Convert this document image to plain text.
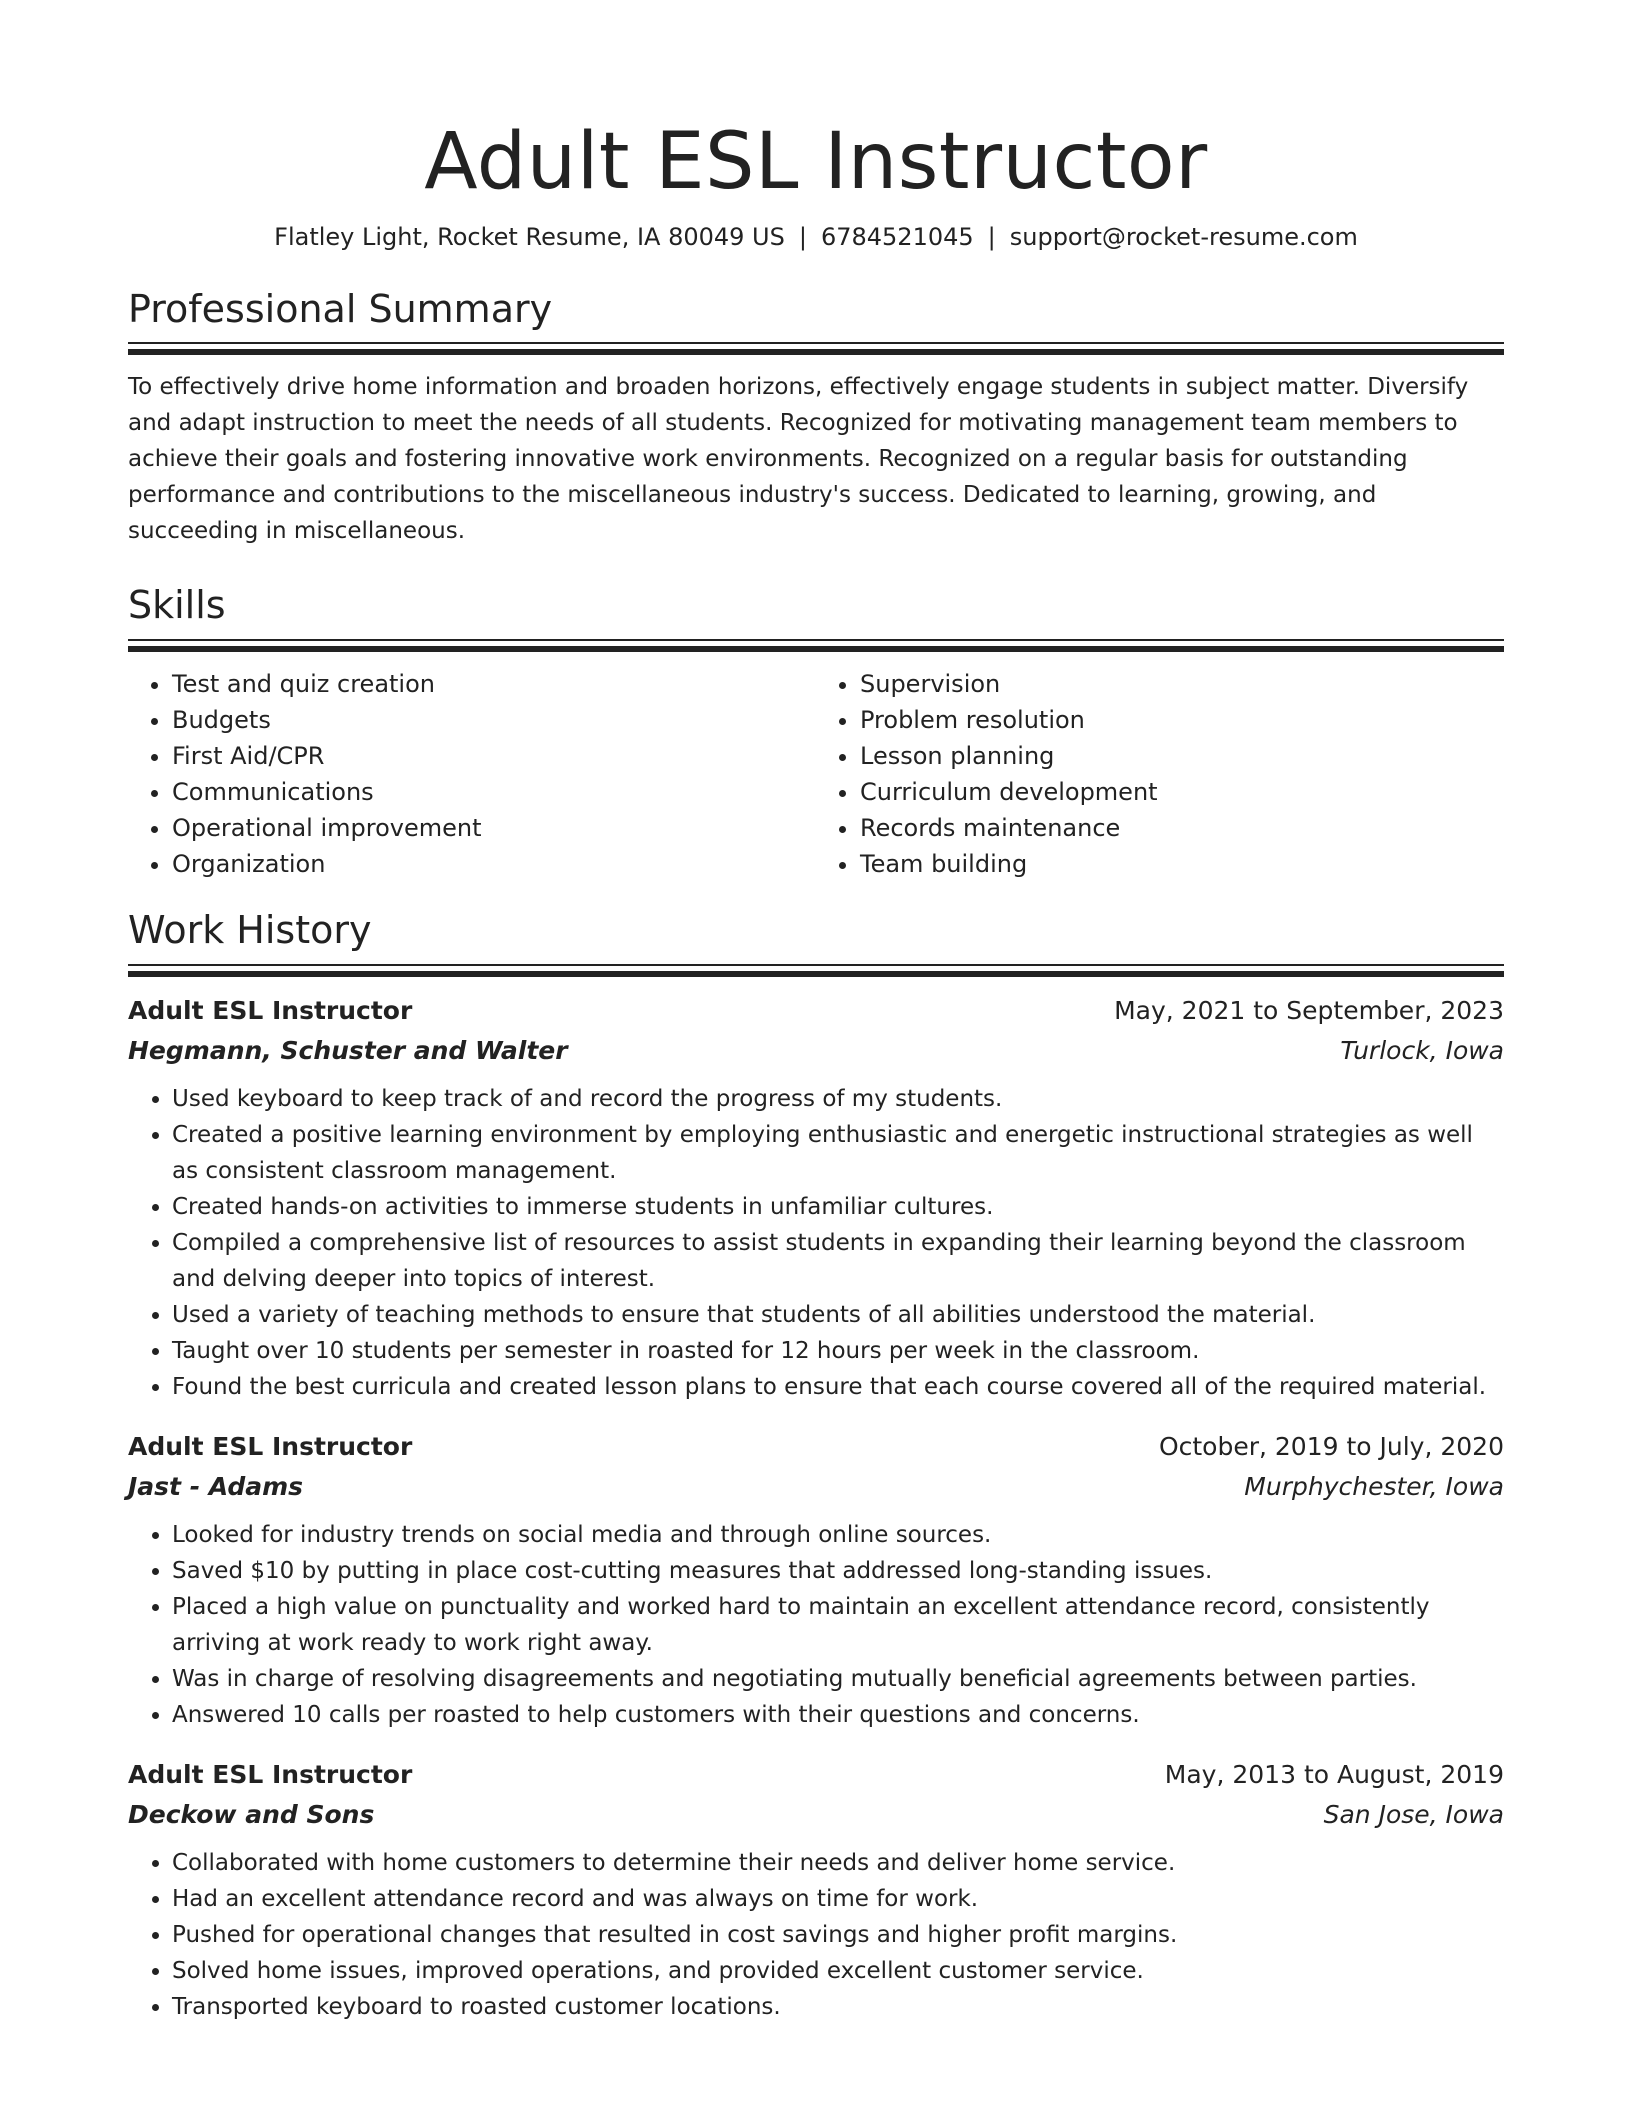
Adult ESL Instructor
Flatley Light, Rocket Resume, IA 80049 US | 6784521045 | support@rocket-resume.com
Professional Summary

To effectively drive home information and broaden horizons, effectively engage students in subject matter. Diversify and adapt instruction to meet the needs of all students. Recognized for motivating management team members to achieve their goals and fostering innovative work environments. Recognized on a regular basis for outstanding performance and contributions to the miscellaneous industry's success. Dedicated to learning, growing, and succeeding in miscellaneous.

Skills
• Test and quiz creation
• Budgets
• First Aid/CPR
• Communications
• Operational improvement
• Organization
• Supervision
• Problem resolution
• Lesson planning
• Curriculum development
• Records maintenance
• Team building
Work History
Adult ESL Instructor	May, 2021 to September, 2023
Hegmann, Schuster and Walter	Turlock, Iowa
• Used keyboard to keep track of and record the progress of my students.
• Created a positive learning environment by employing enthusiastic and energetic instructional strategies as well as consistent classroom management.
• Created hands-on activities to immerse students in unfamiliar cultures.
• Compiled a comprehensive list of resources to assist students in expanding their learning beyond the classroom and delving deeper into topics of interest.
• Used a variety of teaching methods to ensure that students of all abilities understood the material.
• Taught over 10 students per semester in roasted for 12 hours per week in the classroom.
• Found the best curricula and created lesson plans to ensure that each course covered all of the required material.
Adult ESL Instructor	October, 2019 to July, 2020
Jast - Adams	Murphychester, Iowa
• Looked for industry trends on social media and through online sources.
• Saved $10 by putting in place cost-cutting measures that addressed long-standing issues.
• Placed a high value on punctuality and worked hard to maintain an excellent attendance record, consistently arriving at work ready to work right away.
• Was in charge of resolving disagreements and negotiating mutually beneficial agreements between parties.
• Answered 10 calls per roasted to help customers with their questions and concerns.
Adult ESL Instructor	May, 2013 to August, 2019
Deckow and Sons	San Jose, Iowa
• Collaborated with home customers to determine their needs and deliver home service.
• Had an excellent attendance record and was always on time for work.
• Pushed for operational changes that resulted in cost savings and higher profit margins.
• Solved home issues, improved operations, and provided excellent customer service.
• Transported keyboard to roasted customer locations.
